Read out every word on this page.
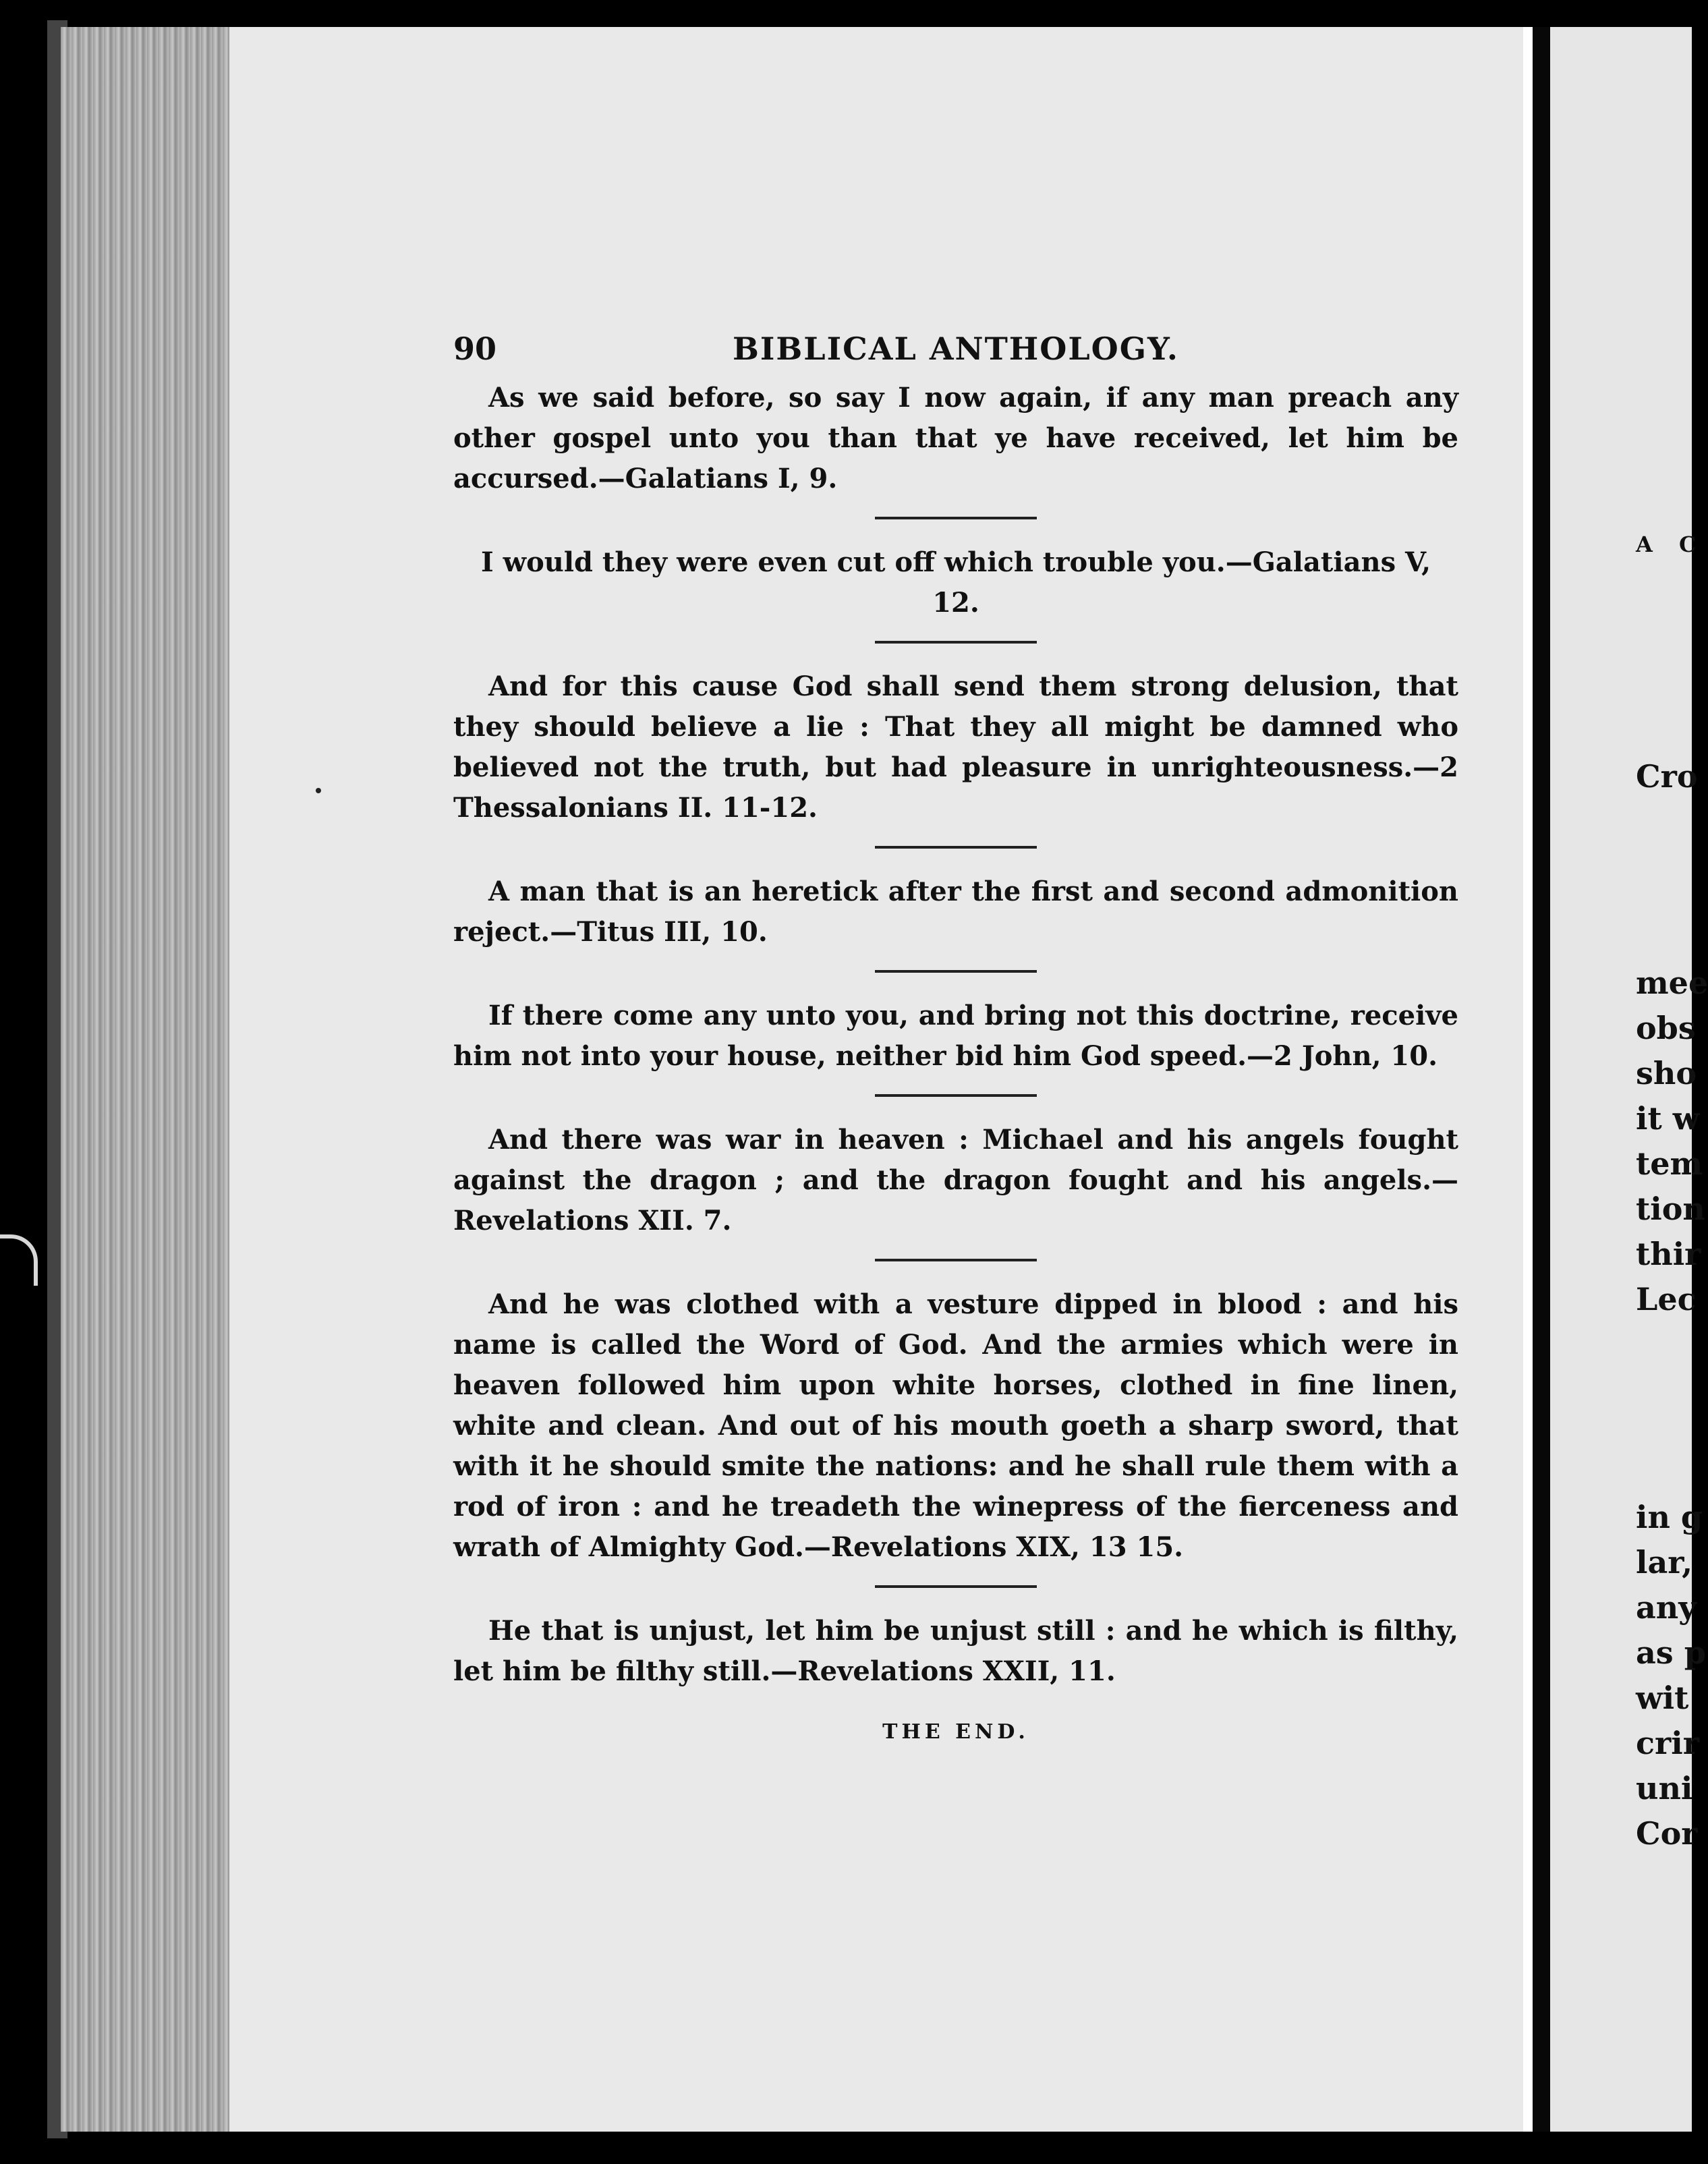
90	BIBLICAL ANTHOLOGY.

As we said before, so say I now again, if any man preach any other gospel unto you than that ye have received, let him be accursed.—Galatians I, 9.

I would they were even cut off which trouble you.—Galatians V, 12.

And for this cause God shall send them strong delusion, that they should believe a lie : That they all might be damned who believed not the truth, but had pleasure in unrighteousness.—2 Thessalonians II. 11-12.

A man that is an heretick after the first and second admonition reject.—Titus III, 10.

If there come any unto you, and bring not this doctrine, receive him not into your house, neither bid him God speed.—2 John, 10.

And there was war in heaven : Michael and his angels fought against the dragon ; and the dragon fought and his angels.—Revelations XII. 7.

And he was clothed with a vesture dipped in blood : and his name is called the Word of God. And the armies which were in heaven followed him upon white horses, clothed in fine linen, white and clean. And out of his mouth goeth a sharp sword, that with it he should smite the nations: and he shall rule them with a rod of iron : and he treadeth the winepress of the fierceness and wrath of Almighty God.—Revelations XIX, 13 15.

He that is unjust, let him be unjust still : and he which is filthy, let him be filthy still.—Revelations XXII, 11.

THE END.
A C
Cro
mee
obs
sho
it w
tem
tion
thir
Lec
in g
lar,
any
as p
wit
crir
uni
Cor
